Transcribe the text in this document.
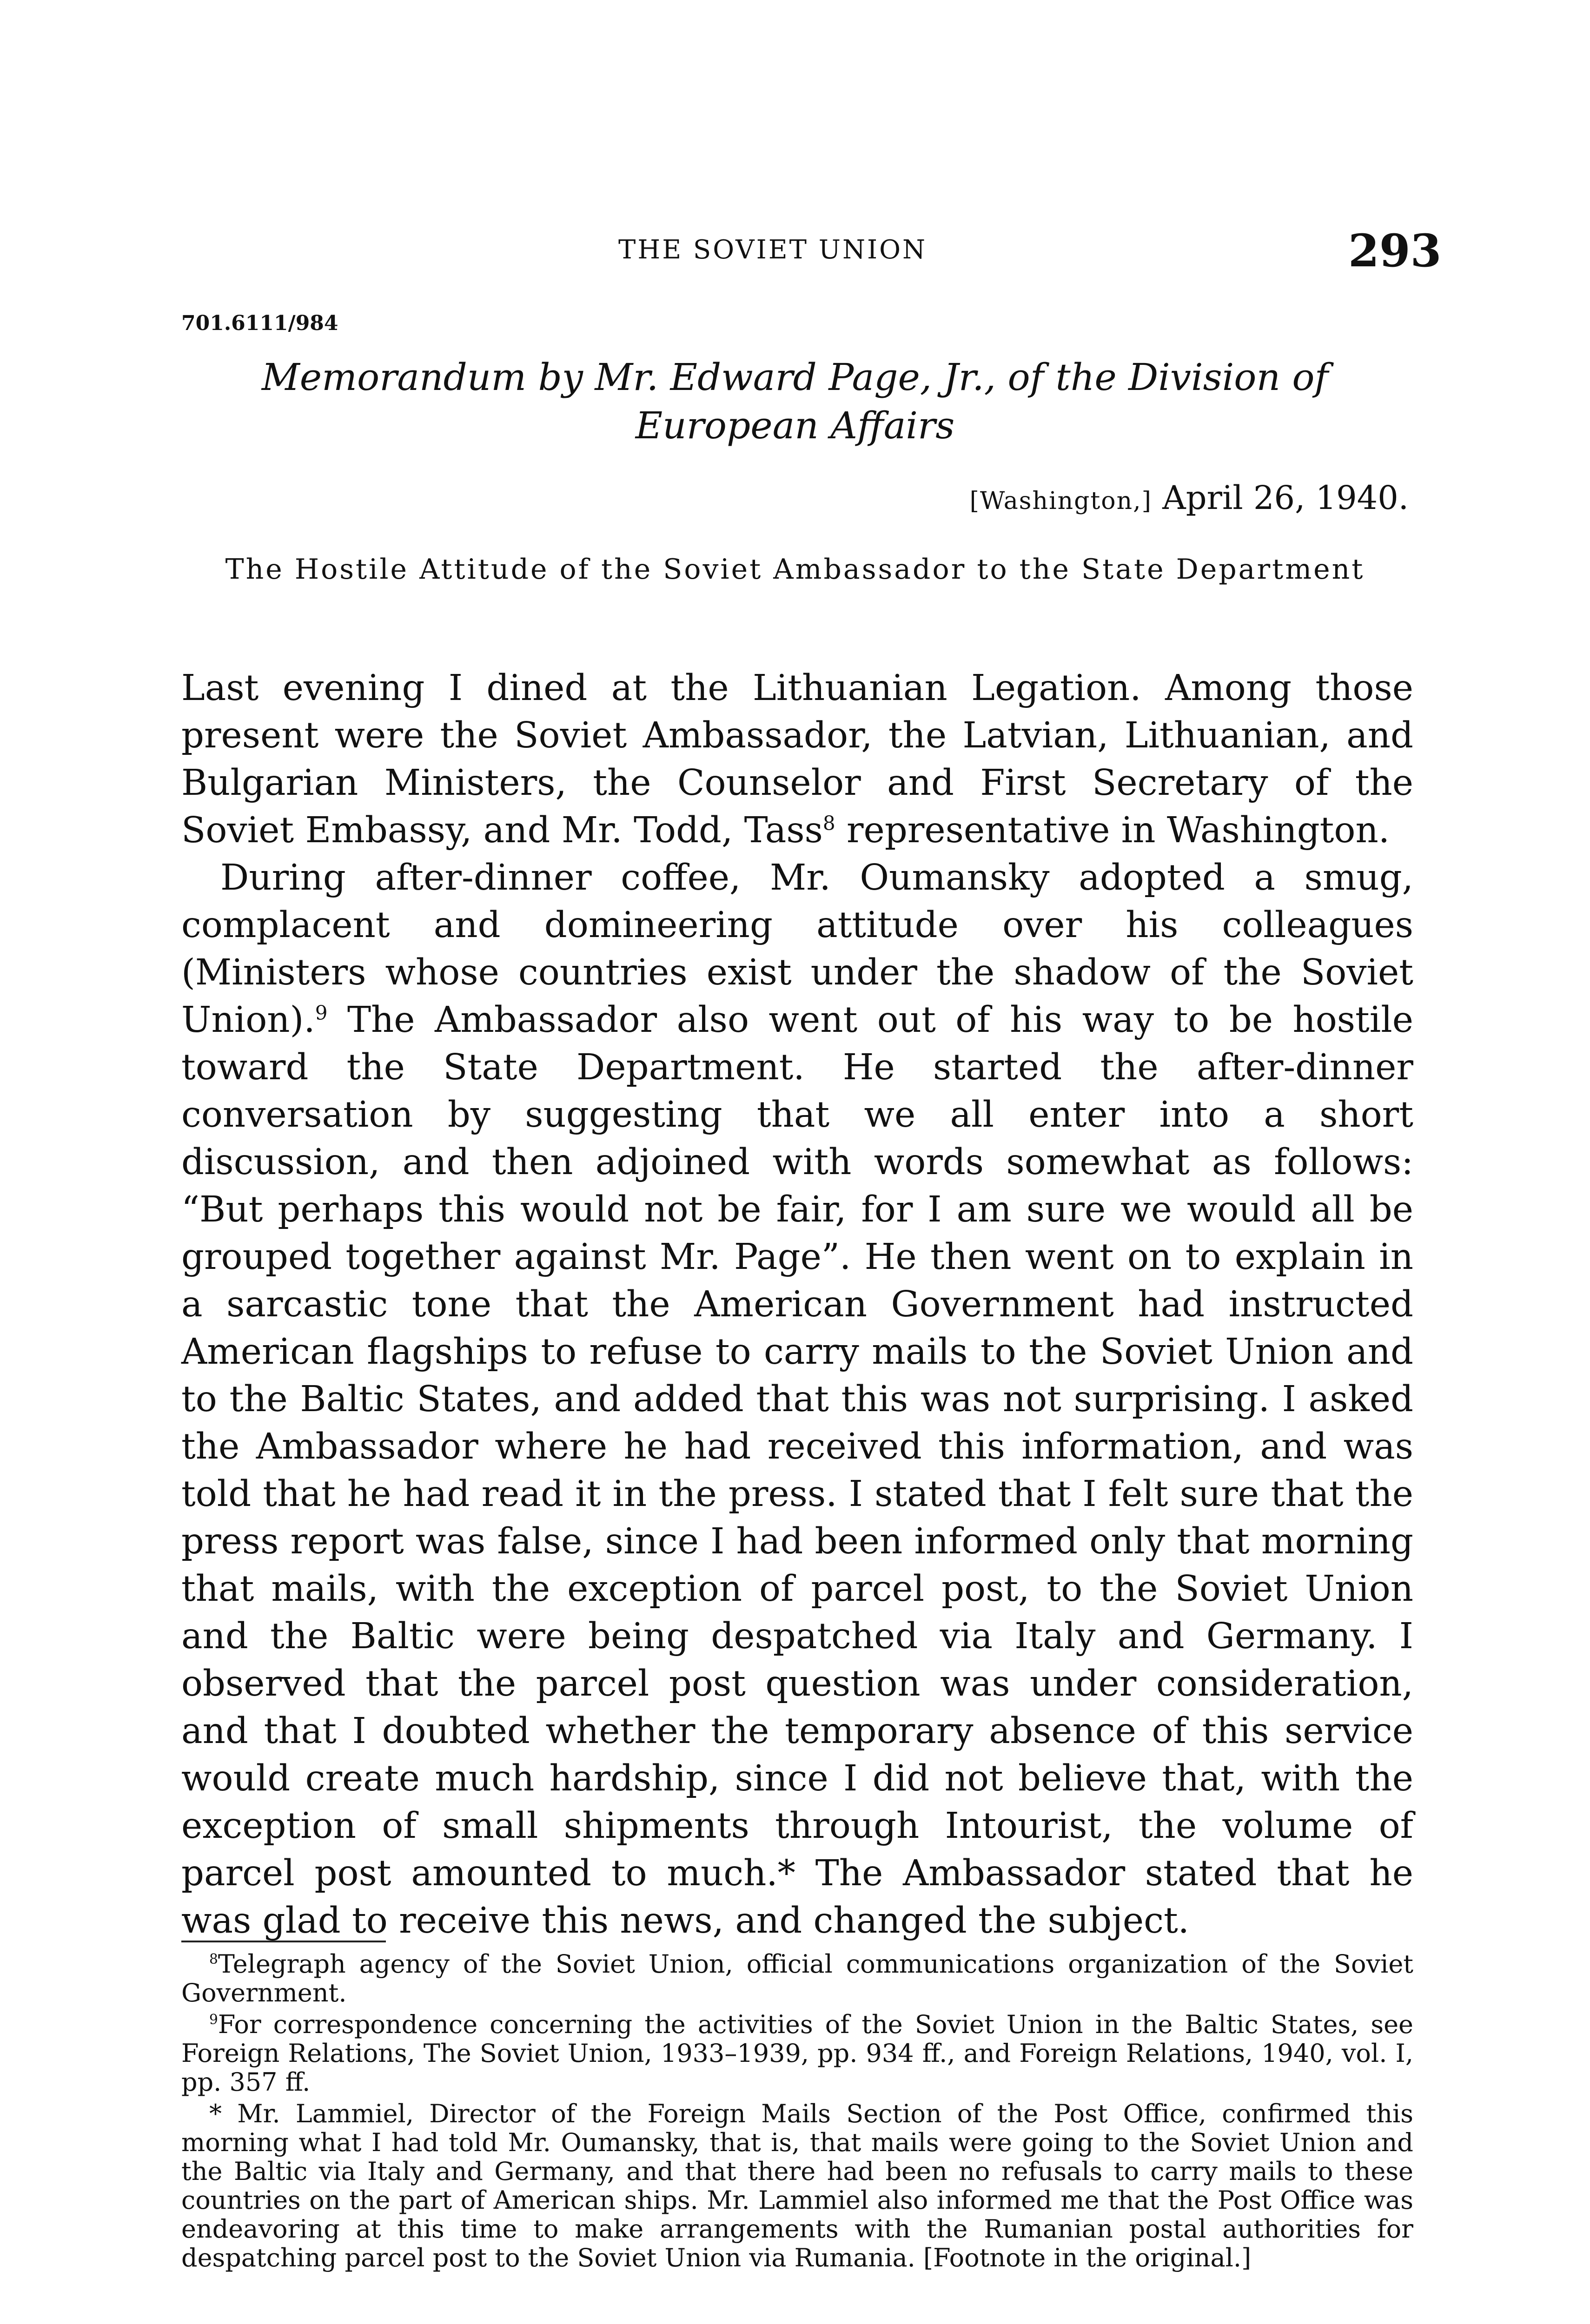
THE SOVIET UNION	293
701.6111/984
Memorandum by Mr. Edward Page, Jr., of the Division of European Affairs
[Washington,] April 26, 1940.
The Hostile Attitude of the Soviet Ambassador to the State Department

Last evening I dined at the Lithuanian Legation. Among those present were the Soviet Ambassador, the Latvian, Lithuanian, and Bulgarian Ministers, the Counselor and First Secretary of the Soviet Embassy, and Mr. Todd, Tass$^8$ representative in Washington.

During after-dinner coffee, Mr. Oumansky adopted a smug, complacent and domineering attitude over his colleagues (Ministers whose countries exist under the shadow of the Soviet Union).$^9$ The Ambassador also went out of his way to be hostile toward the State Department. He started the after-dinner conversation by suggesting that we all enter into a short discussion, and then adjoined with words somewhat as follows: “But perhaps this would not be fair, for I am sure we would all be grouped together against Mr. Page”. He then went on to explain in a sarcastic tone that the American Government had instructed American flagships to refuse to carry mails to the Soviet Union and to the Baltic States, and added that this was not surprising. I asked the Ambassador where he had received this information, and was told that he had read it in the press. I stated that I felt sure that the press report was false, since I had been informed only that morning that mails, with the exception of parcel post, to the Soviet Union and the Baltic were being despatched via Italy and Germany. I observed that the parcel post question was under consideration, and that I doubted whether the temporary absence of this service would create much hardship, since I did not believe that, with the exception of small shipments through Intourist, the volume of parcel post amounted to much.* The Ambassador stated that he was glad to receive this news, and changed the subject.

$^8$Telegraph agency of the Soviet Union, official communications organization of the Soviet Government.

$^9$For correspondence concerning the activities of the Soviet Union in the Baltic States, see Foreign Relations, The Soviet Union, 1933–1939, pp. 934 ff., and Foreign Relations, 1940, vol. I, pp. 357 ff.

* Mr. Lammiel, Director of the Foreign Mails Section of the Post Office, confirmed this morning what I had told Mr. Oumansky, that is, that mails were going to the Soviet Union and the Baltic via Italy and Germany, and that there had been no refusals to carry mails to these countries on the part of American ships. Mr. Lammiel also informed me that the Post Office was endeavoring at this time to make arrangements with the Rumanian postal authorities for despatching parcel post to the Soviet Union via Rumania. [Footnote in the original.]
